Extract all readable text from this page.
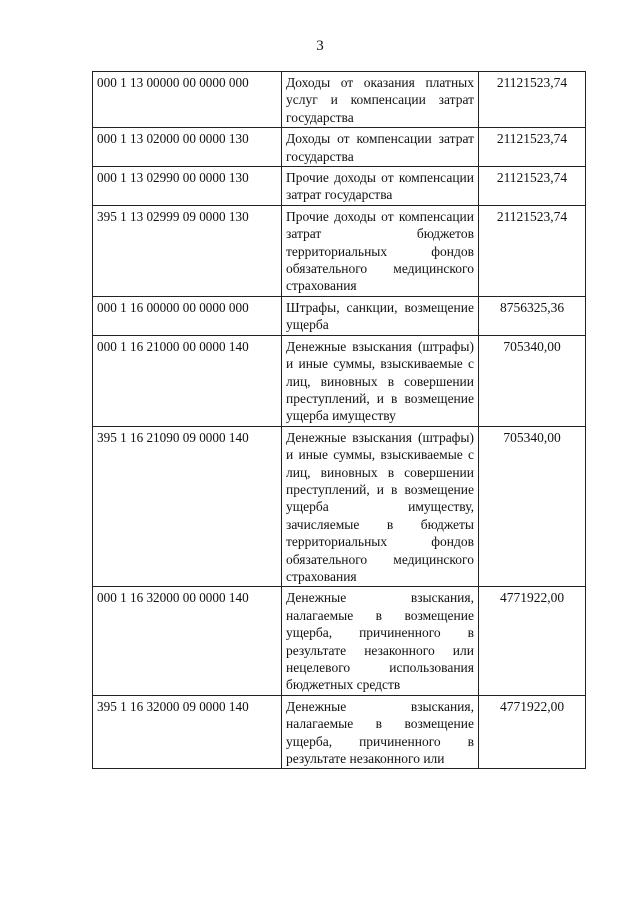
3
000 1 13 00000 00 0000 000	Доходы от оказания платных услуг и компенсации затрат государства	21121523,74
000 1 13 02000 00 0000 130	Доходы от компенсации затрат государства	21121523,74
000 1 13 02990 00 0000 130	Прочие доходы от компенсации затрат государства	21121523,74
395 1 13 02999 09 0000 130	Прочие доходы от компенсации затрат бюджетов территориальных фондов обязательного медицинского страхования	21121523,74
000 1 16 00000 00 0000 000	Штрафы, санкции, возмещение ущерба	8756325,36
000 1 16 21000 00 0000 140	Денежные взыскания (штрафы) и иные суммы, взыскиваемые с лиц, виновных в совершении преступлений, и в возмещение ущерба имуществу	705340,00
395 1 16 21090 09 0000 140	Денежные взыскания (штрафы) и иные суммы, взыскиваемые с лиц, виновных в совершении преступлений, и в возмещение ущерба имуществу, зачисляемые в бюджеты территориальных фондов обязательного медицинского страхования	705340,00
000 1 16 32000 00 0000 140	Денежные взыскания, налагаемые в возмещение ущерба, причиненного в результате незаконного или нецелевого использования бюджетных средств	4771922,00
395 1 16 32000 09 0000 140	Денежные взыскания, налагаемые в возмещение ущерба, причиненного в результате незаконного или	4771922,00
